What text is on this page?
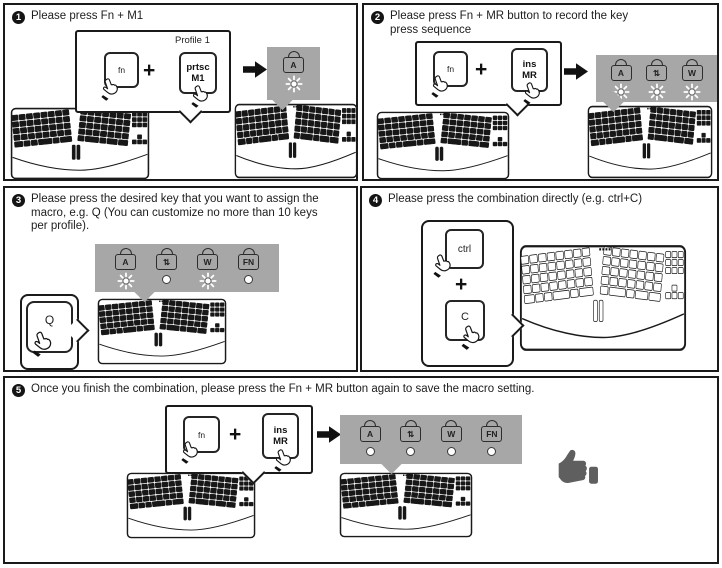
1 Please press Fn + M1
Profile 1
fn +	prtsc
M1
A
2 Please press Fn + MR button to record the key
press sequence
fn +	ins
MR	A	⇅	W
3 Please press the desired key that you want to assign the
macro, e.g. Q (You can customize no more than 10 keys
per profile).
A	⇅	W	FN
Q
4 Please press the combination directly (e.g. ctrl+C)
ctrl
+
C
5 Once you finish the combination, please press the Fn + MR button again to save the macro setting.
fn +	ins
MR
A	⇅	W	FN
